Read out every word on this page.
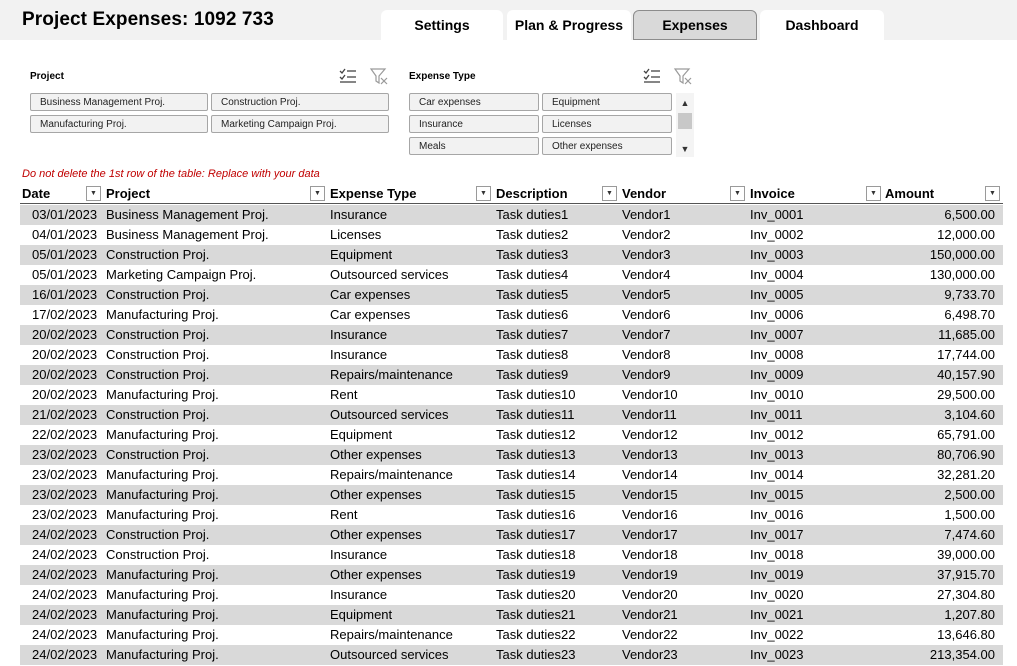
Project Expenses: 1092 733	Settings	Plan & Progress	Expenses	Dashboard
Project
Business Management Proj.	Construction Proj.
Manufacturing Proj.	Marketing Campaign Proj.
Expense Type
Car expenses	Equipment
Insurance	Licenses
Meals	Other expenses
▲
▼
Do not delete the 1st row of the table: Replace with your data
Date	▼ Project	▼ Expense Type	▼ Description	▼ Vendor	▼ Invoice	▼ Amount	▼
03/01/2023 Business Management Proj.	Insurance	Task duties1	Vendor1	Inv_0001	6,500.00
04/01/2023 Business Management Proj.	Licenses	Task duties2	Vendor2	Inv_0002	12,000.00
05/01/2023 Construction Proj.	Equipment	Task duties3	Vendor3	Inv_0003	150,000.00
05/01/2023 Marketing Campaign Proj.	Outsourced services	Task duties4	Vendor4	Inv_0004	130,000.00
16/01/2023 Construction Proj.	Car expenses	Task duties5	Vendor5	Inv_0005	9,733.70
17/02/2023 Manufacturing Proj.	Car expenses	Task duties6	Vendor6	Inv_0006	6,498.70
20/02/2023 Construction Proj.	Insurance	Task duties7	Vendor7	Inv_0007	11,685.00
20/02/2023 Construction Proj.	Insurance	Task duties8	Vendor8	Inv_0008	17,744.00
20/02/2023 Construction Proj.	Repairs/maintenance	Task duties9	Vendor9	Inv_0009	40,157.90
20/02/2023 Manufacturing Proj.	Rent	Task duties10	Vendor10	Inv_0010	29,500.00
21/02/2023 Construction Proj.	Outsourced services	Task duties11	Vendor11	Inv_0011	3,104.60
22/02/2023 Manufacturing Proj.	Equipment	Task duties12	Vendor12	Inv_0012	65,791.00
23/02/2023 Construction Proj.	Other expenses	Task duties13	Vendor13	Inv_0013	80,706.90
23/02/2023 Manufacturing Proj.	Repairs/maintenance	Task duties14	Vendor14	Inv_0014	32,281.20
23/02/2023 Manufacturing Proj.	Other expenses	Task duties15	Vendor15	Inv_0015	2,500.00
23/02/2023 Manufacturing Proj.	Rent	Task duties16	Vendor16	Inv_0016	1,500.00
24/02/2023 Construction Proj.	Other expenses	Task duties17	Vendor17	Inv_0017	7,474.60
24/02/2023 Construction Proj.	Insurance	Task duties18	Vendor18	Inv_0018	39,000.00
24/02/2023 Manufacturing Proj.	Other expenses	Task duties19	Vendor19	Inv_0019	37,915.70
24/02/2023 Manufacturing Proj.	Insurance	Task duties20	Vendor20	Inv_0020	27,304.80
24/02/2023 Manufacturing Proj.	Equipment	Task duties21	Vendor21	Inv_0021	1,207.80
24/02/2023 Manufacturing Proj.	Repairs/maintenance	Task duties22	Vendor22	Inv_0022	13,646.80
24/02/2023 Manufacturing Proj.	Outsourced services	Task duties23	Vendor23	Inv_0023	213,354.00
